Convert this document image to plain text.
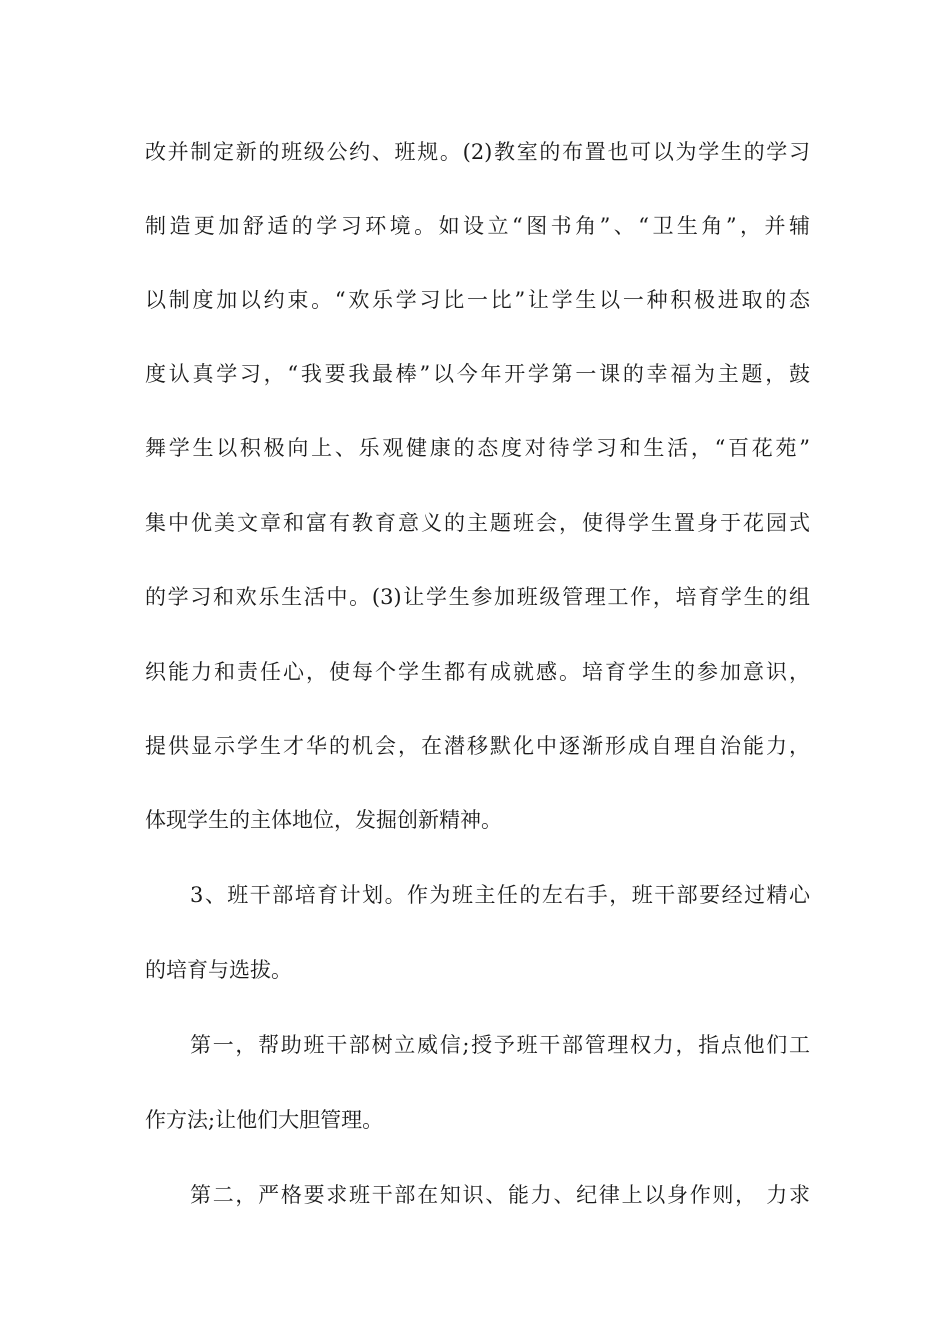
改并制定新的班级公约、班规。(2)教室的布置也可以为学生的学习
制造更加舒适的学习环境。如设立“图书角”、“卫生角”，并辅
以制度加以约束。“欢乐学习比一比”让学生以一种积极进取的态
度认真学习，“我要我最棒”以今年开学第一课的幸福为主题，鼓
舞学生以积极向上、乐观健康的态度对待学习和生活，“百花苑”
集中优美文章和富有教育意义的主题班会，使得学生置身于花园式
的学习和欢乐生活中。(3)让学生参加班级管理工作，培育学生的组
织能力和责任心，使每个学生都有成就感。培育学生的参加意识，
提供显示学生才华的机会，在潜移默化中逐渐形成自理自治能力，
体现学生的主体地位，发掘创新精神。
3、班干部培育计划。作为班主任的左右手，班干部要经过精心
的培育与选拔。
第一，帮助班干部树立威信;授予班干部管理权力，指点他们工
作方法;让他们大胆管理。
第二，严格要求班干部在知识、能力、纪律上以身作则， 力求
